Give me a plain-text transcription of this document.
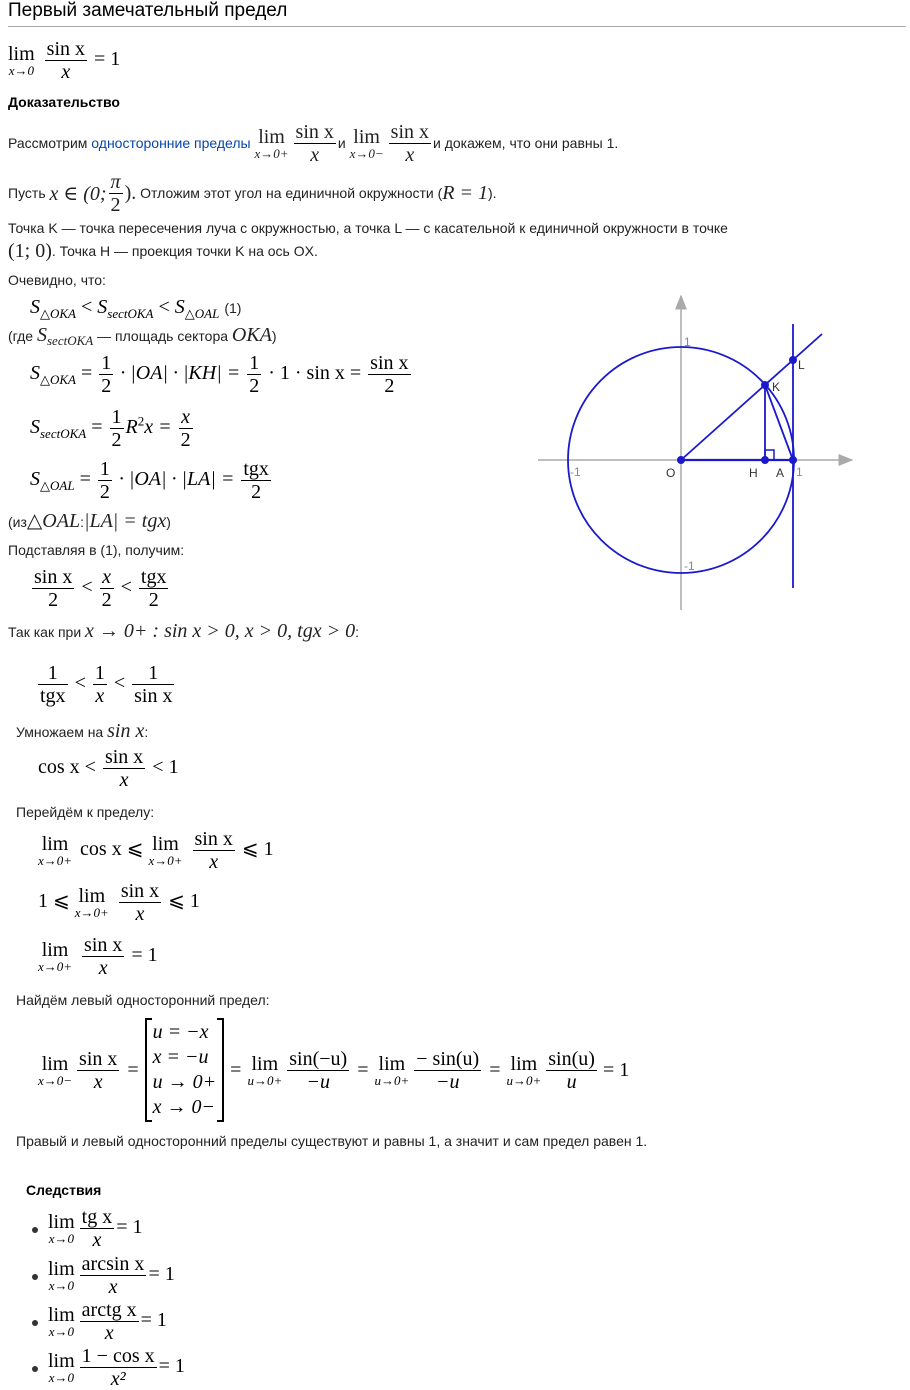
Первый замечательный предел
lim
x→0
$\frac{\text{sin x}}{x} = 1$
Доказательство
Рассмотрим
односторонние пределы
lim
$x\to 0+ \frac{\text{sin x}}{x}$ и
lim
$x\to 0- \frac{\text{sin x}}{x}$ и докажем, что они равны 1.
Пусть
x ∈ (0; $\frac{\pi}{2}$ ).
Отложим этот угол на единичной окружности ( R = 1 ).
Точка K — точка пересечения луча с окружностью, а точка L — с касательной к единичной окружности в точке
(1; 0) . Точка H — проекция точки K на ось OX.
Очевидно, что:
$S_{\triangle OKA} < S_{sectOKA} < S_{\triangle OAL}$ (1)
(где $S_{sectOKA}$ — площадь сектора OKA)
$S_{\triangle OKA} = \frac{1}{2} \cdot |OA| \cdot |KH| = \frac{1}{2} \cdot 1 \cdot \sin x = \frac{\text{sin x}}{2}$
$S_{sectOKA} = \frac{1}{2} R^2x = \frac{x}{2}$
$S_{\triangle OAL} = \frac{1}{2} \cdot |OA| \cdot |LA| = \frac{\text{tgx}}{2}$
(из△OAL:|LA| = tgx)
Подставляя в (1), получим:
$\frac{\text{sin x}}{2} < \frac{x}{2} < \frac{\text{tgx}}{2}$
Так как при x → 0+ : sin x > 0, x > 0, tgx > 0:
$\frac{1}{\text{tgx}} < \frac{1}{x} < \frac{1}{\text{sin x}}$
Умножаем на sin x:
$\cos x < \frac{\text{sin x}}{x} < 1$
Перейдём к пределу:
lim
x→0+
cos x ⩽ lim
x→0+
$\frac{\text{sin x}}{x}$ ⩽ 1
1 ⩽ lim
x→0+
$\frac{\text{sin x}}{x}$ ⩽ 1
lim
x→0+
$\frac{\text{sin x}}{x} = 1$
Найдём левый односторонний предел:
lim
$x\to 0- \frac{\text{sin x}}{x}$ =
u = −x
x = −u
u → 0+
x → 0−
= lim
$u\to 0+ \frac{\sin(-u)}{-u} = \lim$
$u\to 0+ \frac{- \sin(u)}{-u} = \lim$
$u\to 0+ \frac{\sin(u)}{u} = 1$
Правый и левый односторонний пределы существуют и равны 1, а значит и сам предел равен 1.
Следствия
lim
$x\to 0 \frac{\text{tg x}}{x} = 1$
lim
$x\to 0 \frac{\text{arcsin x}}{x} = 1$
lim
$x\to 0 \frac{\text{arctg x}}{x} = 1$
lim
$x\to 0 \frac{\text{1 − cos x}}{\text{x²}} = 1$
1
-1	1
-1
O	H A
K
L
